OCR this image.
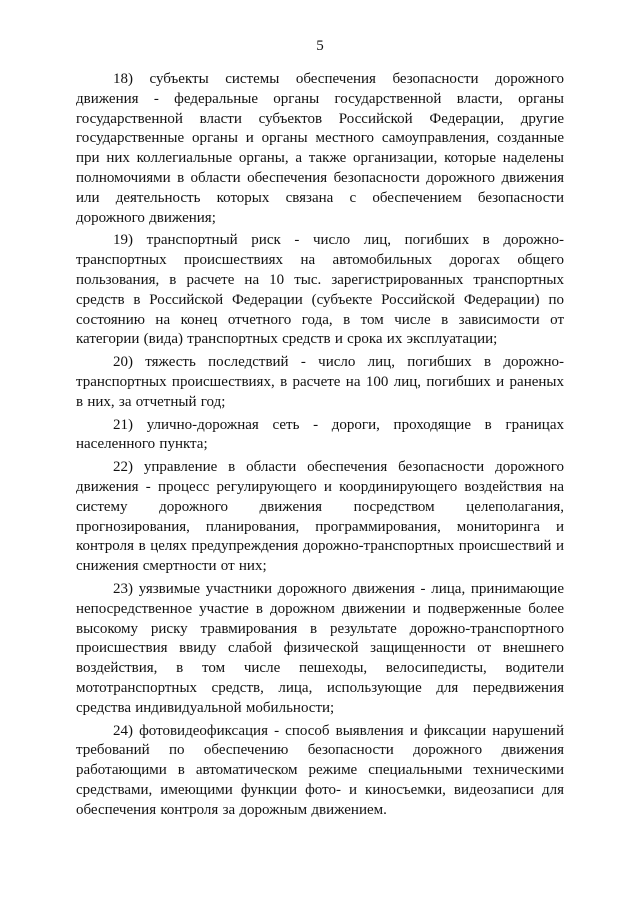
5

18) субъекты системы обеспечения безопасности дорожного движения - федеральные органы государственной власти, органы государственной власти субъектов Российской Федерации, другие государственные органы и органы местного самоуправления, созданные при них коллегиальные органы, а также организации, которые наделены полномочиями в области обеспечения безопасности дорожного движения или деятельность которых связана с обеспечением безопасности дорожного движения;

19) транспортный риск - число лиц, погибших в дорожно-транспортных происшествиях на автомобильных дорогах общего пользования, в расчете на 10 тыс. зарегистрированных транспортных средств в Российской Федерации (субъекте Российской Федерации) по состоянию на конец отчетного года, в том числе в зависимости от категории (вида) транспортных средств и срока их эксплуатации;

20) тяжесть последствий - число лиц, погибших в дорожно-транспортных происшествиях, в расчете на 100 лиц, погибших и раненых в них, за отчетный год;

21) улично-дорожная сеть - дороги, проходящие в границах населенного пункта;

22) управление в области обеспечения безопасности дорожного движения - процесс регулирующего и координирующего воздействия на систему дорожного движения посредством целеполагания, прогнозирования, планирования, программирования, мониторинга и контроля в целях предупреждения дорожно-транспортных происшествий и снижения смертности от них;

23) уязвимые участники дорожного движения - лица, принимающие непосредственное участие в дорожном движении и подверженные более высокому риску травмирования в результате дорожно-транспортного происшествия ввиду слабой физической защищенности от внешнего воздействия, в том числе пешеходы, велосипедисты, водители мототранспортных средств, лица, использующие для передвижения средства индивидуальной мобильности;

24) фотовидеофиксация - способ выявления и фиксации нарушений требований по обеспечению безопасности дорожного движения работающими в автоматическом режиме специальными техническими средствами, имеющими функции фото- и киносъемки, видеозаписи для обеспечения контроля за дорожным движением.
